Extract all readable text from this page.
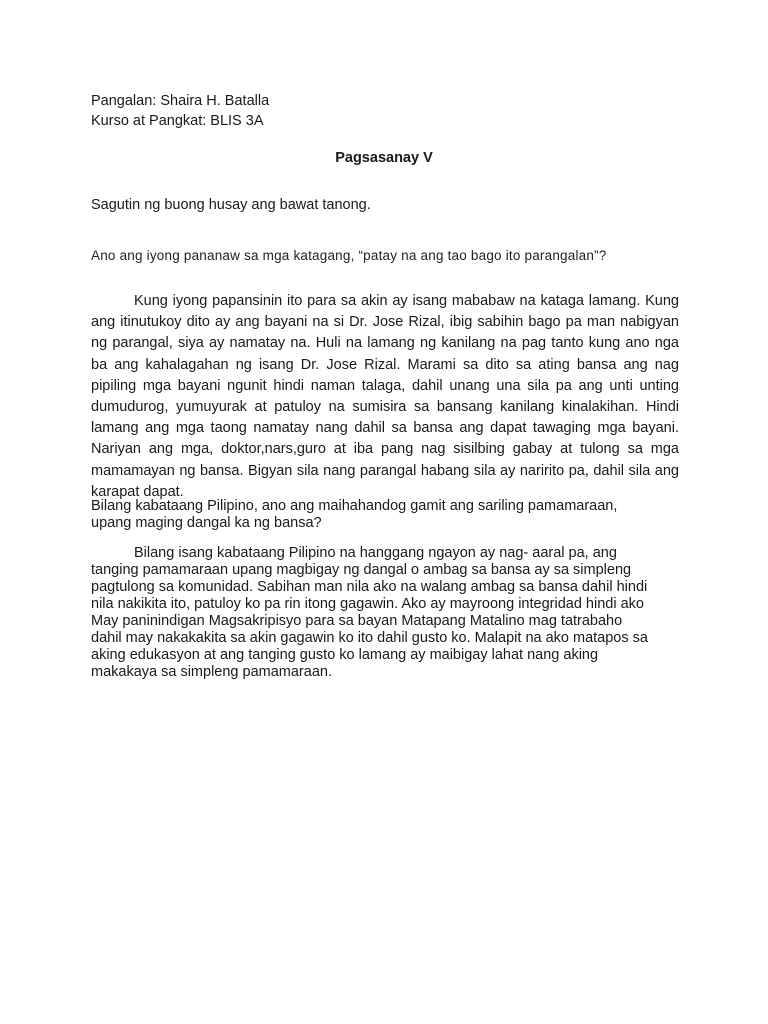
Pangalan: Shaira H. Batalla
Kurso at Pangkat: BLIS 3A
Pagsasanay V
Sagutin ng buong husay ang bawat tanong.
Ano ang iyong pananaw sa mga katagang, “patay na ang tao bago ito parangalan”?

Kung iyong papansinin ito para sa akin ay isang mababaw na kataga lamang. Kung ang itinutukoy dito ay ang bayani na si Dr. Jose Rizal, ibig sabihin bago pa man nabigyan ng parangal, siya ay namatay na. Huli na lamang ng kanilang na pag tanto kung ano nga ba ang kahalagahan ng isang Dr. Jose Rizal. Marami sa dito sa ating bansa ang nag pipiling mga bayani ngunit hindi naman talaga, dahil unang una sila pa ang unti unting dumudurog, yumuyurak at patuloy na sumisira sa bansang kanilang kinalakihan. Hindi lamang ang mga taong namatay nang dahil sa bansa ang dapat tawaging mga bayani. Nariyan ang mga, doktor,nars,guro at iba pang nag sisilbing gabay at tulong sa mga mamamayan ng bansa. Bigyan sila nang parangal habang sila ay naririto pa, dahil sila ang karapat dapat.

Bilang kabataang Pilipino, ano ang maihahandog gamit ang sariling pamamaraan, upang maging dangal ka ng bansa?

Bilang isang kabataang Pilipino na hanggang ngayon ay nag- aaral pa, ang tanging pamamaraan upang magbigay ng dangal o ambag sa bansa ay sa simpleng pagtulong sa komunidad. Sabihan man nila ako na walang ambag sa bansa dahil hindi nila nakikita ito, patuloy ko pa rin itong gagawin. Ako ay mayroong integridad hindi ako May paninindigan Magsakripisyo para sa bayan Matapang Matalino mag tatrabaho dahil may nakakakita sa akin gagawin ko ito dahil gusto ko. Malapit na ako matapos sa aking edukasyon at ang tanging gusto ko lamang ay maibigay lahat nang aking makakaya sa simpleng pamamaraan.
